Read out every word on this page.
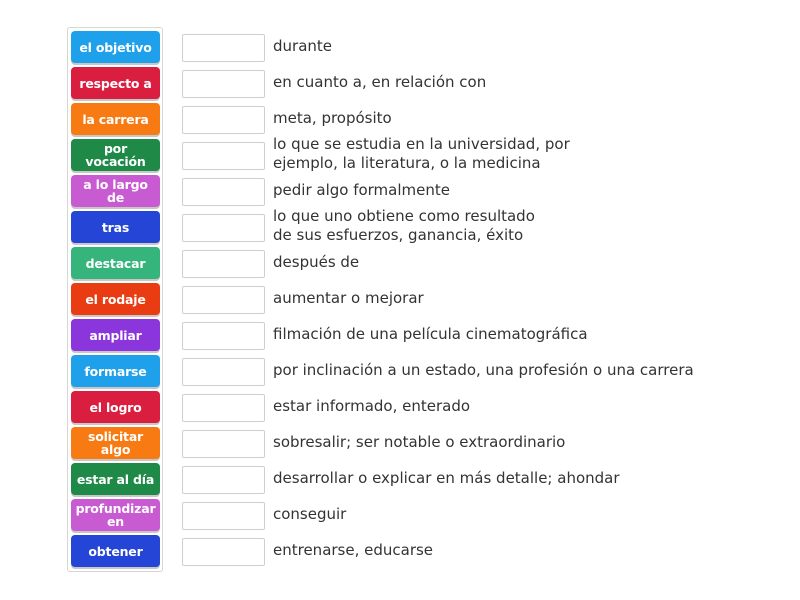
el objetivo
respecto a
la carrera
por vocación
a lo largo de
tras
destacar
el rodaje
ampliar
formarse
el logro
solicitar algo
estar al día
profundizar en
obtener
durante
en cuanto a, en relación con
meta, propósito
lo que se estudia en la universidad, por
ejemplo, la literatura, o la medicina
pedir algo formalmente
lo que uno obtiene como resultado
de sus esfuerzos, ganancia, éxito
después de
aumentar o mejorar
filmación de una película cinematográfica
por inclinación a un estado, una profesión o una carrera
estar informado, enterado
sobresalir; ser notable o extraordinario
desarrollar o explicar en más detalle; ahondar
conseguir
entrenarse, educarse
